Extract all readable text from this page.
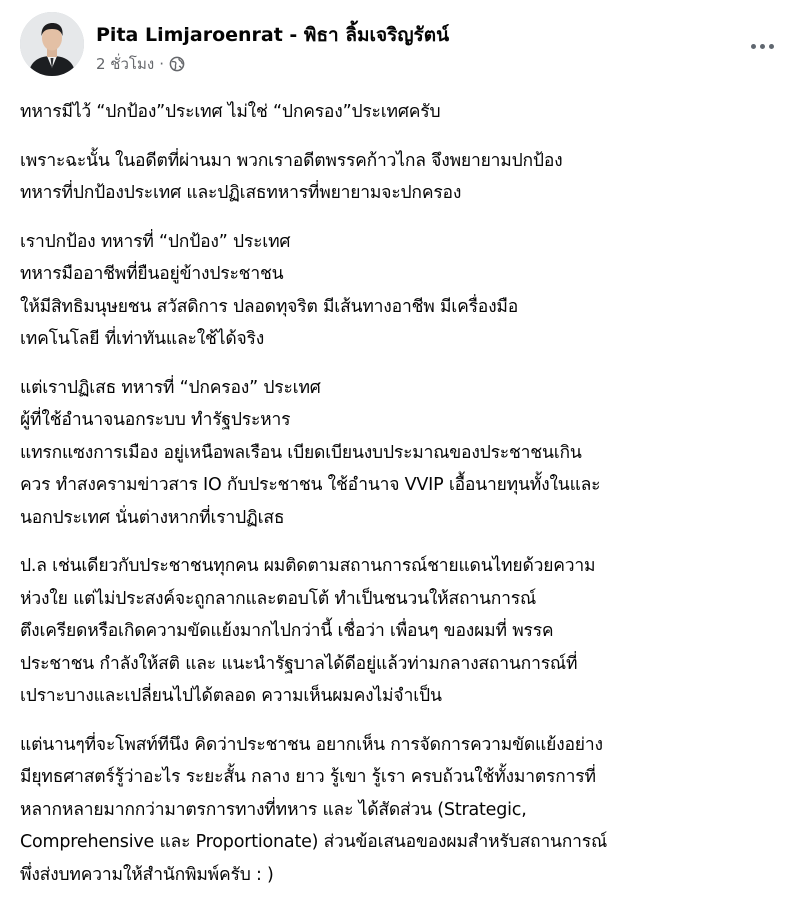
Pita Limjaroenrat - พิธา ลิ้มเจริญรัตน์
2 ชั่วโมง ·

ทหารมีไว้ “ปกป้อง”ประเทศ ไม่ใช่ “ปกครอง”ประเทศครับ

เพราะฉะนั้น ในอดีตที่ผ่านมา พวกเราอดีตพรรคก้าวไกล จึงพยายามปกป้อง
ทหารที่ปกป้องประเทศ และปฏิเสธทหารที่พยายามจะปกครอง

เราปกป้อง ทหารที่ “ปกป้อง” ประเทศ
ทหารมืออาชีพที่ยืนอยู่ข้างประชาชน
ให้มีสิทธิมนุษยชน สวัสดิการ ปลอดทุจริต มีเส้นทางอาชีพ มีเครื่องมือ
เทคโนโลยี ที่เท่าทันและใช้ได้จริง

แต่เราปฏิเสธ ทหารที่ “ปกครอง” ประเทศ
ผู้ที่ใช้อำนาจนอกระบบ ทำรัฐประหาร
แทรกแซงการเมือง อยู่เหนือพลเรือน เบียดเบียนงบประมาณของประชาชนเกิน
ควร ทำสงครามข่าวสาร IO กับประชาชน ใช้อำนาจ VVIP เอื้อนายทุนทั้งในและ
นอกประเทศ นั่นต่างหากที่เราปฏิเสธ

ป.ล เช่นเดียวกับประชาชนทุกคน ผมติดตามสถานการณ์ชายแดนไทยด้วยความ
ห่วงใย แต่ไม่ประสงค์จะถูกลากและตอบโต้ ทำเป็นชนวนให้สถานการณ์
ตึงเครียดหรือเกิดความขัดแย้งมากไปกว่านี้ เชื่อว่า เพื่อนๆ ของผมที่ พรรค
ประชาชน กำลังให้สติ และ แนะนำรัฐบาลได้ดีอยู่แล้วท่ามกลางสถานการณ์ที่
เปราะบางและเปลี่ยนไปได้ตลอด ความเห็นผมคงไม่จำเป็น

แต่นานๆที่จะโพสท์ทีนึง คิดว่าประชาชน อยากเห็น การจัดการความขัดแย้งอย่าง
มียุทธศาสตร์รู้ว่าอะไร ระยะสั้น กลาง ยาว รู้เขา รู้เรา ครบถ้วนใช้ทั้งมาตรการที่
หลากหลายมากกว่ามาตรการทางที่ทหาร และ ได้สัดส่วน (Strategic,
Comprehensive และ Proportionate) ส่วนข้อเสนอของผมสำหรับสถานการณ์
พึ่งส่งบทความให้สำนักพิมพ์ครับ : )
